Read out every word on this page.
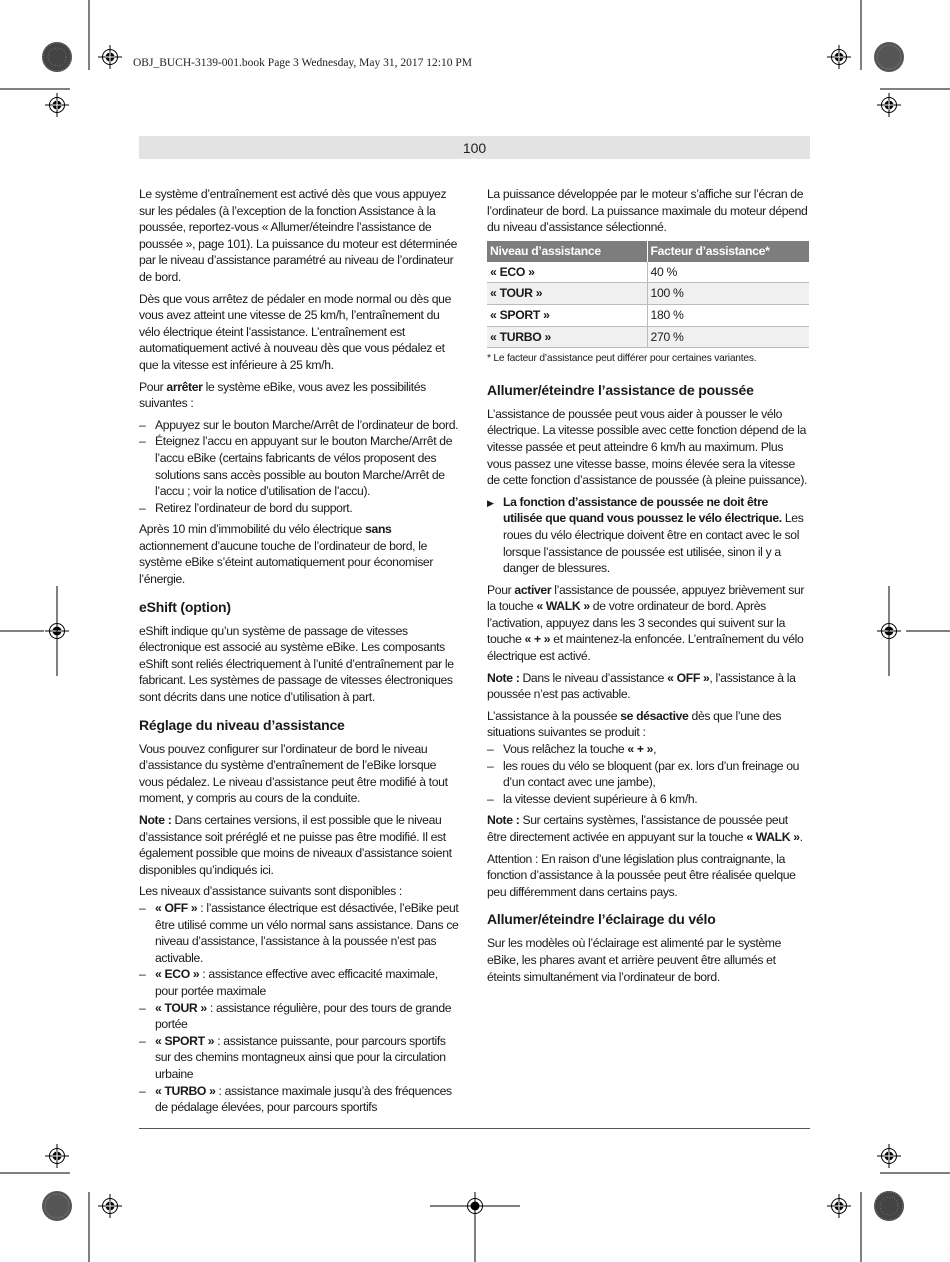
OBJ_BUCH-3139-001.book Page 3 Wednesday, May 31, 2017 12:10 PM
100

Le système d’entraînement est activé dès que vous appuyez sur les pédales (à l’exception de la fonction Assistance à la poussée, reportez-vous « Allumer/éteindre l’assistance de poussée », page 101). La puissance du moteur est déterminée par le niveau d’assistance paramétré au niveau de l’ordinateur de bord.

Dès que vous arrêtez de pédaler en mode normal ou dès que vous avez atteint une vitesse de 25 km/h, l’entraînement du vélo électrique éteint l’assistance. L’entraînement est automatiquement activé à nouveau dès que vous pédalez et que la vitesse est inférieure à 25 km/h.

Pour arrêter le système eBike, vous avez les possibilités suivantes :

– Appuyez sur le bouton Marche/Arrêt de l’ordinateur de bord.
– Éteignez l’accu en appuyant sur le bouton Marche/Arrêt de l’accu eBike (certains fabricants de vélos proposent des solutions sans accès possible au bouton Marche/Arrêt de l’accu ; voir la notice d’utilisation de l’accu).
– Retirez l’ordinateur de bord du support.

Après 10 min d’immobilité du vélo électrique sans actionnement d’aucune touche de l’ordinateur de bord, le système eBike s’éteint automatiquement pour économiser l’énergie.

eShift (option)

eShift indique qu’un système de passage de vitesses électronique est associé au système eBike. Les composants eShift sont reliés électriquement à l’unité d’entraînement par le fabricant. Les systèmes de passage de vitesses électroniques sont décrits dans une notice d’utilisation à part.

Réglage du niveau d’assistance

Vous pouvez configurer sur l’ordinateur de bord le niveau d’assistance du système d’entraînement de l’eBike lorsque vous pédalez. Le niveau d’assistance peut être modifié à tout moment, y compris au cours de la conduite.

Note : Dans certaines versions, il est possible que le niveau d’assistance soit préréglé et ne puisse pas être modifié. Il est également possible que moins de niveaux d’assistance soient disponibles qu’indiqués ici.

Les niveaux d’assistance suivants sont disponibles :

– « OFF » : l’assistance électrique est désactivée, l’eBike peut être utilisé comme un vélo normal sans assistance. Dans ce niveau d’assistance, l’assistance à la poussée n’est pas activable.
– « ECO » : assistance effective avec efficacité maximale, pour portée maximale
– « TOUR » : assistance régulière, pour des tours de grande portée
– « SPORT » : assistance puissante, pour parcours sportifs sur des chemins montagneux ainsi que pour la circulation urbaine
– « TURBO » : assistance maximale jusqu’à des fréquences de pédalage élevées, pour parcours sportifs

La puissance développée par le moteur s’affiche sur l’écran de l’ordinateur de bord. La puissance maximale du moteur dépend du niveau d’assistance sélectionné.

Niveau d’assistance	Facteur d’assistance*
« ECO »	40 %
« TOUR »	100 %
« SPORT »	180 %
« TURBO »	270 %
* Le facteur d’assistance peut différer pour certaines variantes.
Allumer/éteindre l’assistance de poussée

L’assistance de poussée peut vous aider à pousser le vélo électrique. La vitesse possible avec cette fonction dépend de la vitesse passée et peut atteindre 6 km/h au maximum. Plus vous passez une vitesse basse, moins élevée sera la vitesse de cette fonction d’assistance de poussée (à pleine puissance).

▶ La fonction d’assistance de poussée ne doit être utilisée que quand vous poussez le vélo électrique. Les roues du vélo électrique doivent être en contact avec le sol lorsque l’assistance de poussée est utilisée, sinon il y a danger de blessures.

Pour activer l’assistance de poussée, appuyez brièvement sur la touche « WALK » de votre ordinateur de bord. Après l’activation, appuyez dans les 3 secondes qui suivent sur la touche « + » et maintenez-la enfoncée. L’entraînement du vélo électrique est activé.

Note : Dans le niveau d’assistance « OFF », l’assistance à la poussée n’est pas activable.

L’assistance à la poussée se désactive dès que l’une des situations suivantes se produit :

– Vous relâchez la touche « + »,
– les roues du vélo se bloquent (par ex. lors d’un freinage ou d’un contact avec une jambe),
– la vitesse devient supérieure à 6 km/h.

Note : Sur certains systèmes, l’assistance de poussée peut être directement activée en appuyant sur la touche « WALK ».

Attention : En raison d’une législation plus contraignante, la fonction d’assistance à la poussée peut être réalisée quelque peu différemment dans certains pays.

Allumer/éteindre l’éclairage du vélo

Sur les modèles où l’éclairage est alimenté par le système eBike, les phares avant et arrière peuvent être allumés et éteints simultanément via l’ordinateur de bord.
